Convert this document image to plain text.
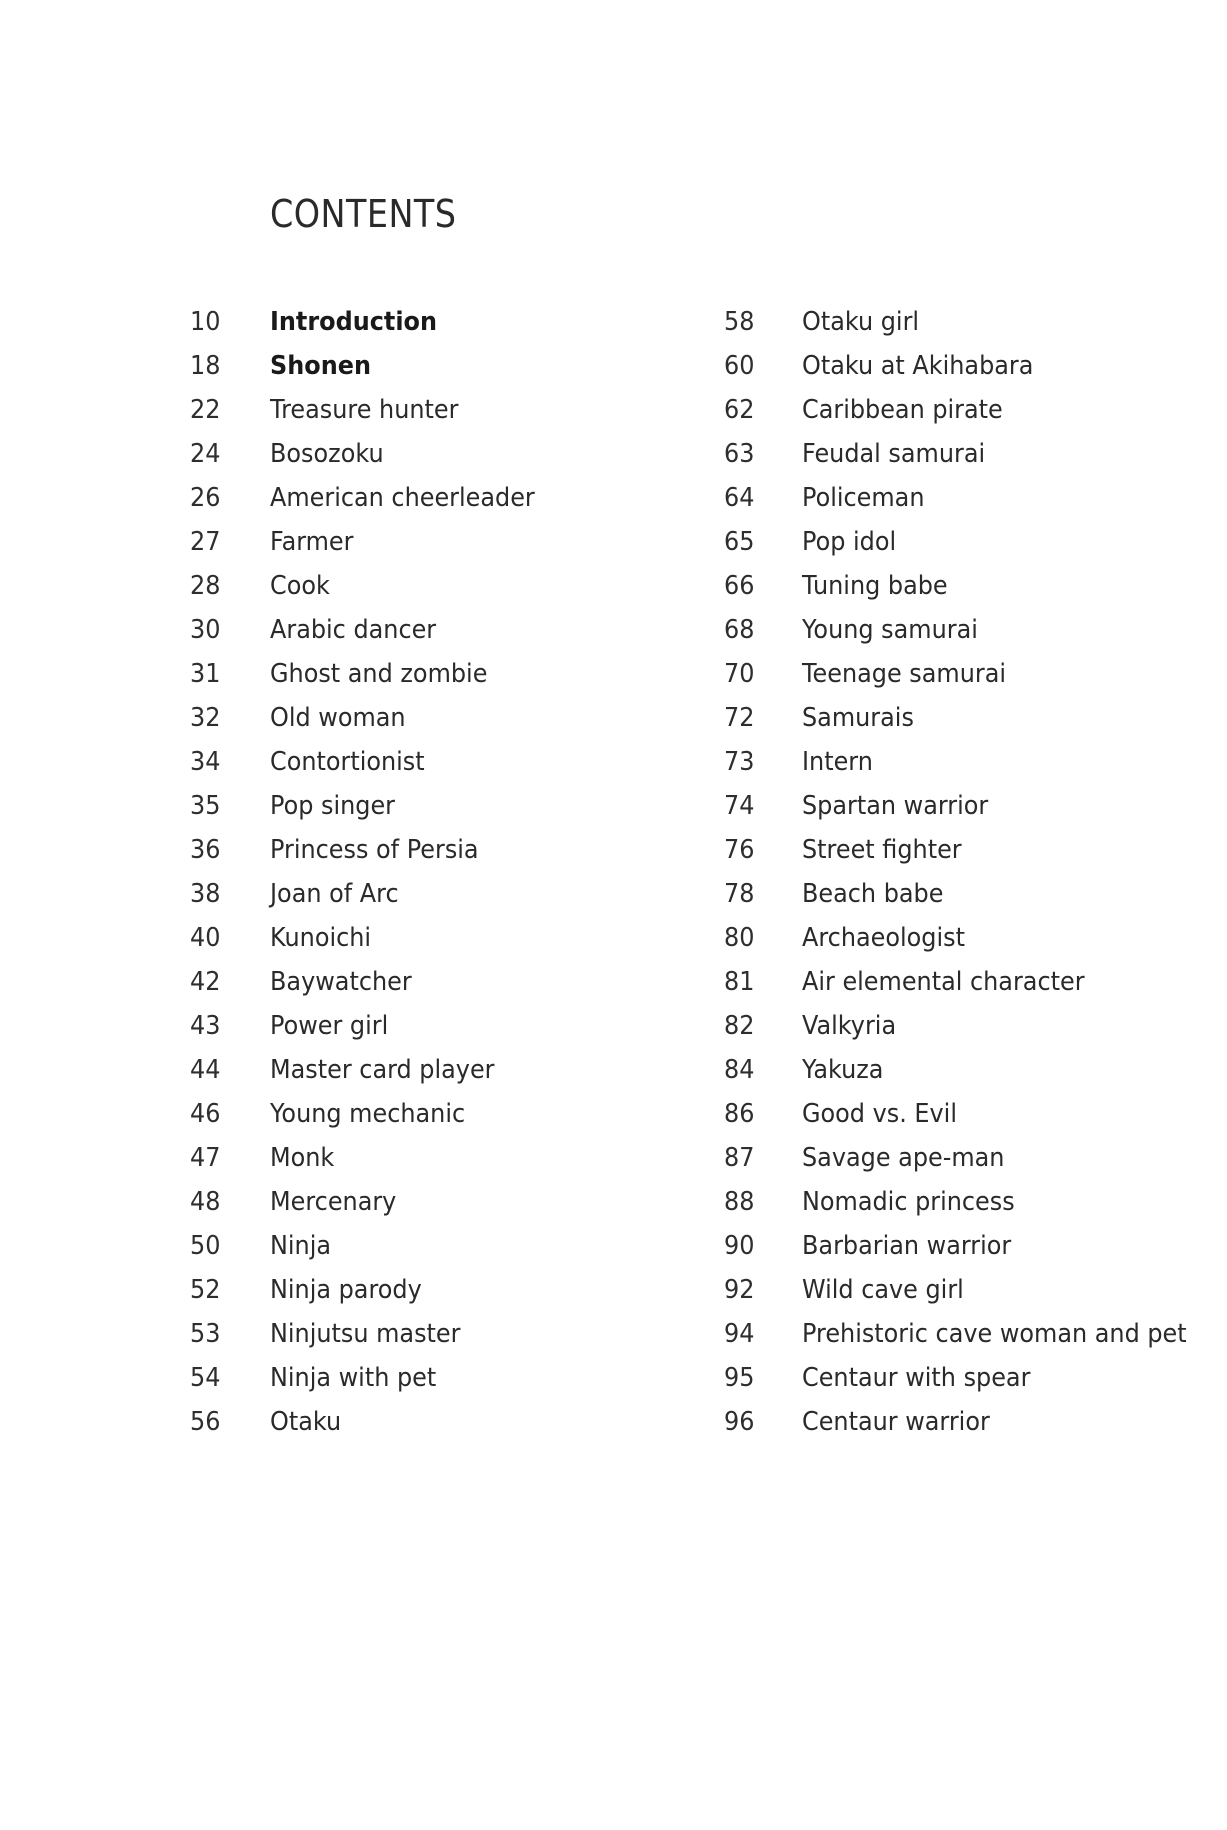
CONTENTS
10	Introduction
18	Shonen
22	Treasure hunter
24	Bosozoku
26	American cheerleader
27	Farmer
28	Cook
30	Arabic dancer
31	Ghost and zombie
32	Old woman
34	Contortionist
35	Pop singer
36	Princess of Persia
38	Joan of Arc
40	Kunoichi
42	Baywatcher
43	Power girl
44	Master card player
46	Young mechanic
47	Monk
48	Mercenary
50	Ninja
52	Ninja parody
53	Ninjutsu master
54	Ninja with pet
56	Otaku
58	Otaku girl
60	Otaku at Akihabara
62	Caribbean pirate
63	Feudal samurai
64	Policeman
65	Pop idol
66	Tuning babe
68	Young samurai
70	Teenage samurai
72	Samurais
73	Intern
74	Spartan warrior
76	Street fighter
78	Beach babe
80	Archaeologist
81	Air elemental character
82	Valkyria
84	Yakuza
86	Good vs. Evil
87	Savage ape-man
88	Nomadic princess
90	Barbarian warrior
92	Wild cave girl
94	Prehistoric cave woman and pet
95	Centaur with spear
96	Centaur warrior
